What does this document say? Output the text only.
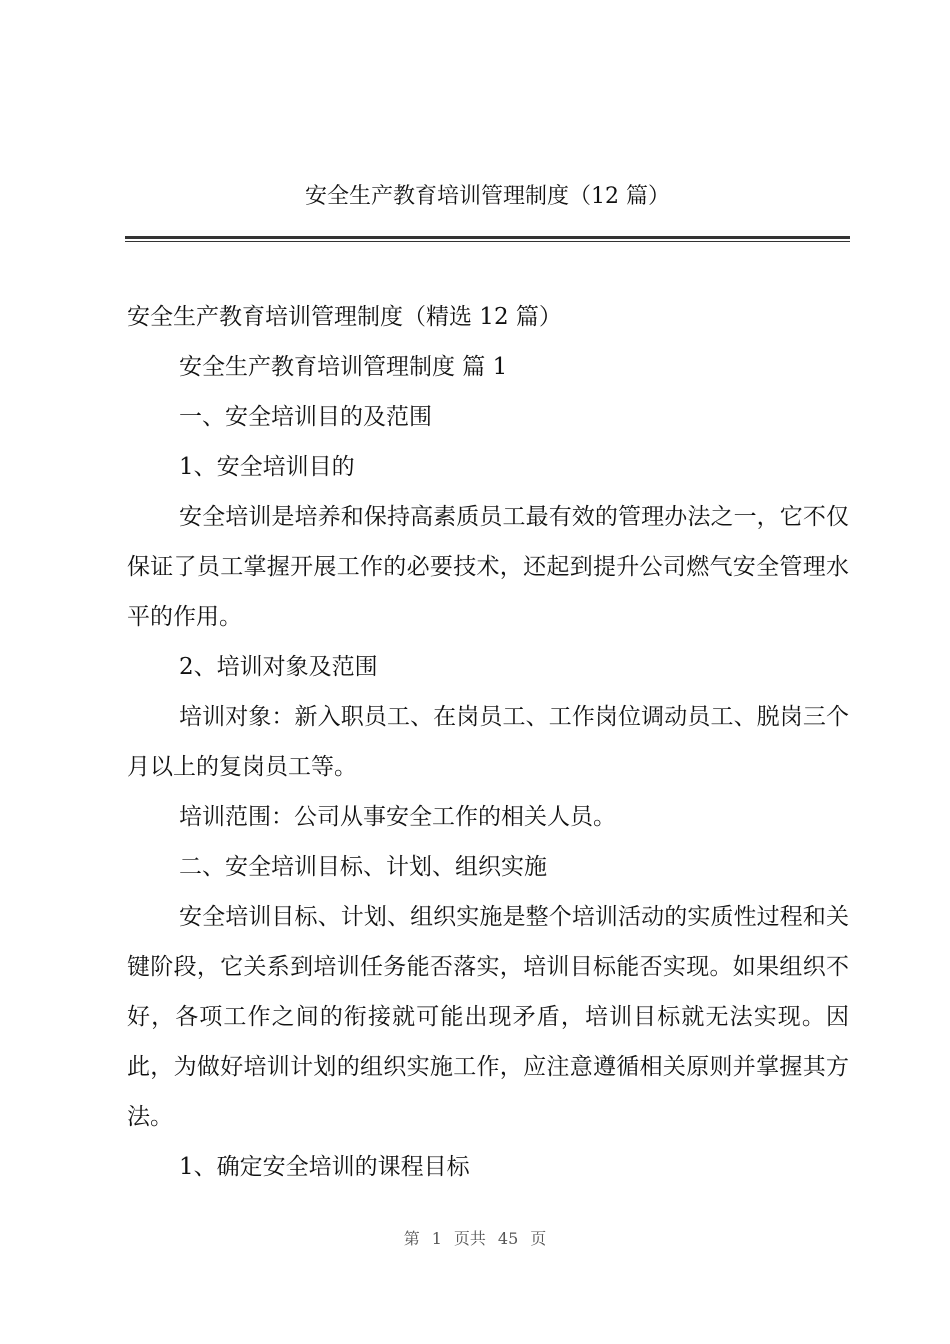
安全生产教育培训管理制度（12 篇）

安全生产教育培训管理制度（精选 12 篇）

安全生产教育培训管理制度 篇 1

一、安全培训目的及范围

1、安全培训目的

安全培训是培养和保持高素质员工最有效的管理办法之一，它不仅保证了员工掌握开展工作的必要技术，还起到提升公司燃气安全管理水平的作用。

2、培训对象及范围

培训对象：新入职员工、在岗员工、工作岗位调动员工、脱岗三个月以上的复岗员工等。

培训范围：公司从事安全工作的相关人员。

二、安全培训目标、计划、组织实施

安全培训目标、计划、组织实施是整个培训活动的实质性过程和关键阶段，它关系到培训任务能否落实，培训目标能否实现。如果组织不好，各项工作之间的衔接就可能出现矛盾，培训目标就无法实现。因此，为做好培训计划的组织实施工作，应注意遵循相关原则并掌握其方法。

1、确定安全培训的课程目标

第 1 页共 45 页
